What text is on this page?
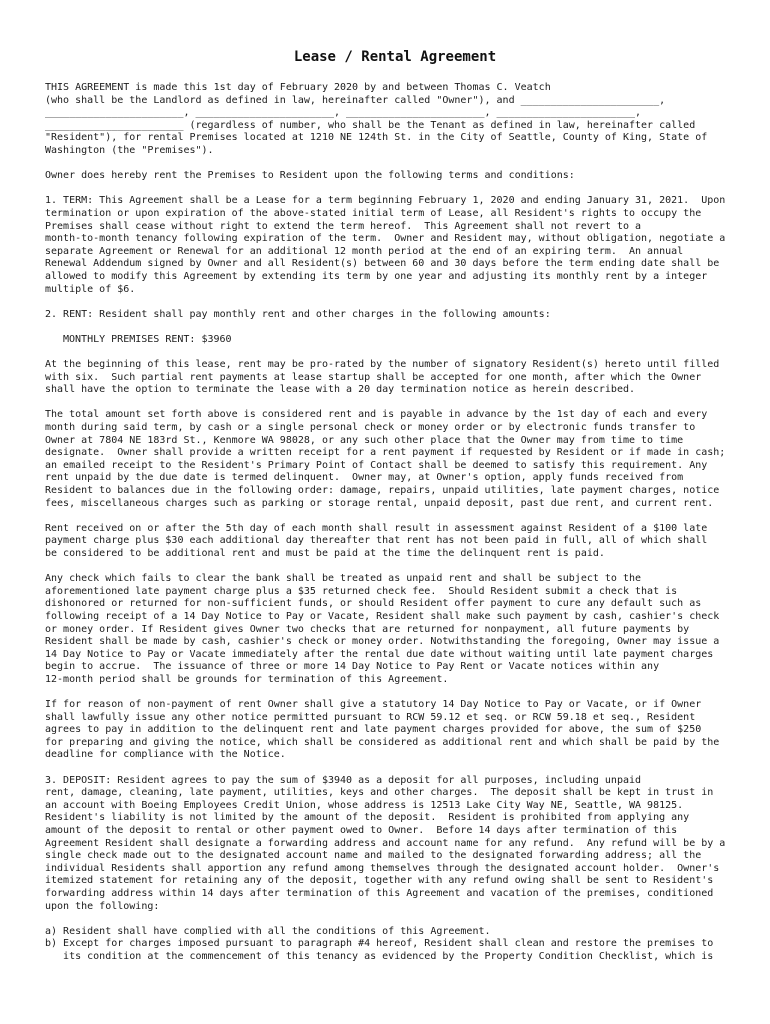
Lease / Rental Agreement
THIS AGREEMENT is made this 1st day of February 2020 by and between Thomas C. Veatch
(who shall be the Landlord as defined in law, hereinafter called "Owner"), and _______________________,
_______________________, _______________________, _______________________, _______________________,
_______________________ (regardless of number, who shall be the Tenant as defined in law, hereinafter called
"Resident"), for rental Premises located at 1210 NE 124th St. in the City of Seattle, County of King, State of
Washington (the "Premises").
Owner does hereby rent the Premises to Resident upon the following terms and conditions:
1. TERM: This Agreement shall be a Lease for a term beginning February 1, 2020 and ending January 31, 2021.  Upon
termination or upon expiration of the above-stated initial term of Lease, all Resident's rights to occupy the
Premises shall cease without right to extend the term hereof.  This Agreement shall not revert to a
month-to-month tenancy following expiration of the term.  Owner and Resident may, without obligation, negotiate a
separate Agreement or Renewal for an additional 12 month period at the end of an expiring term.  An annual
Renewal Addendum signed by Owner and all Resident(s) between 60 and 30 days before the term ending date shall be
allowed to modify this Agreement by extending its term by one year and adjusting its monthly rent by a integer
multiple of $6.
2. RENT: Resident shall pay monthly rent and other charges in the following amounts:
MONTHLY PREMISES RENT: $3960
At the beginning of this lease, rent may be pro-rated by the number of signatory Resident(s) hereto until filled
with six.  Such partial rent payments at lease startup shall be accepted for one month, after which the Owner
shall have the option to terminate the lease with a 20 day termination notice as herein described.
The total amount set forth above is considered rent and is payable in advance by the 1st day of each and every
month during said term, by cash or a single personal check or money order or by electronic funds transfer to
Owner at 7804 NE 183rd St., Kenmore WA 98028, or any such other place that the Owner may from time to time
designate.  Owner shall provide a written receipt for a rent payment if requested by Resident or if made in cash;
an emailed receipt to the Resident's Primary Point of Contact shall be deemed to satisfy this requirement. Any
rent unpaid by the due date is termed delinquent.  Owner may, at Owner's option, apply funds received from
Resident to balances due in the following order: damage, repairs, unpaid utilities, late payment charges, notice
fees, miscellaneous charges such as parking or storage rental, unpaid deposit, past due rent, and current rent.
Rent received on or after the 5th day of each month shall result in assessment against Resident of a $100 late
payment charge plus $30 each additional day thereafter that rent has not been paid in full, all of which shall
be considered to be additional rent and must be paid at the time the delinquent rent is paid.
Any check which fails to clear the bank shall be treated as unpaid rent and shall be subject to the
aforementioned late payment charge plus a $35 returned check fee.  Should Resident submit a check that is
dishonored or returned for non-sufficient funds, or should Resident offer payment to cure any default such as
following receipt of a 14 Day Notice to Pay or Vacate, Resident shall make such payment by cash, cashier's check
or money order. If Resident gives Owner two checks that are returned for nonpayment, all future payments by
Resident shall be made by cash, cashier's check or money order. Notwithstanding the foregoing, Owner may issue a
14 Day Notice to Pay or Vacate immediately after the rental due date without waiting until late payment charges
begin to accrue.  The issuance of three or more 14 Day Notice to Pay Rent or Vacate notices within any
12-month period shall be grounds for termination of this Agreement.
If for reason of non-payment of rent Owner shall give a statutory 14 Day Notice to Pay or Vacate, or if Owner
shall lawfully issue any other notice permitted pursuant to RCW 59.12 et seq. or RCW 59.18 et seq., Resident
agrees to pay in addition to the delinquent rent and late payment charges provided for above, the sum of $250
for preparing and giving the notice, which shall be considered as additional rent and which shall be paid by the
deadline for compliance with the Notice.
3. DEPOSIT: Resident agrees to pay the sum of $3940 as a deposit for all purposes, including unpaid
rent, damage, cleaning, late payment, utilities, keys and other charges.  The deposit shall be kept in trust in
an account with Boeing Employees Credit Union, whose address is 12513 Lake City Way NE, Seattle, WA 98125.
Resident's liability is not limited by the amount of the deposit.  Resident is prohibited from applying any
amount of the deposit to rental or other payment owed to Owner.  Before 14 days after termination of this
Agreement Resident shall designate a forwarding address and account name for any refund.  Any refund will be by a
single check made out to the designated account name and mailed to the designated forwarding address; all the
individual Residents shall apportion any refund among themselves through the designated account holder.  Owner's
itemized statement for retaining any of the deposit, together with any refund owing shall be sent to Resident's
forwarding address within 14 days after termination of this Agreement and vacation of the premises, conditioned
upon the following:
a) Resident shall have complied with all the conditions of this Agreement.
b) Except for charges imposed pursuant to paragraph #4 hereof, Resident shall clean and restore the premises to
its condition at the commencement of this tenancy as evidenced by the Property Condition Checklist, which is
